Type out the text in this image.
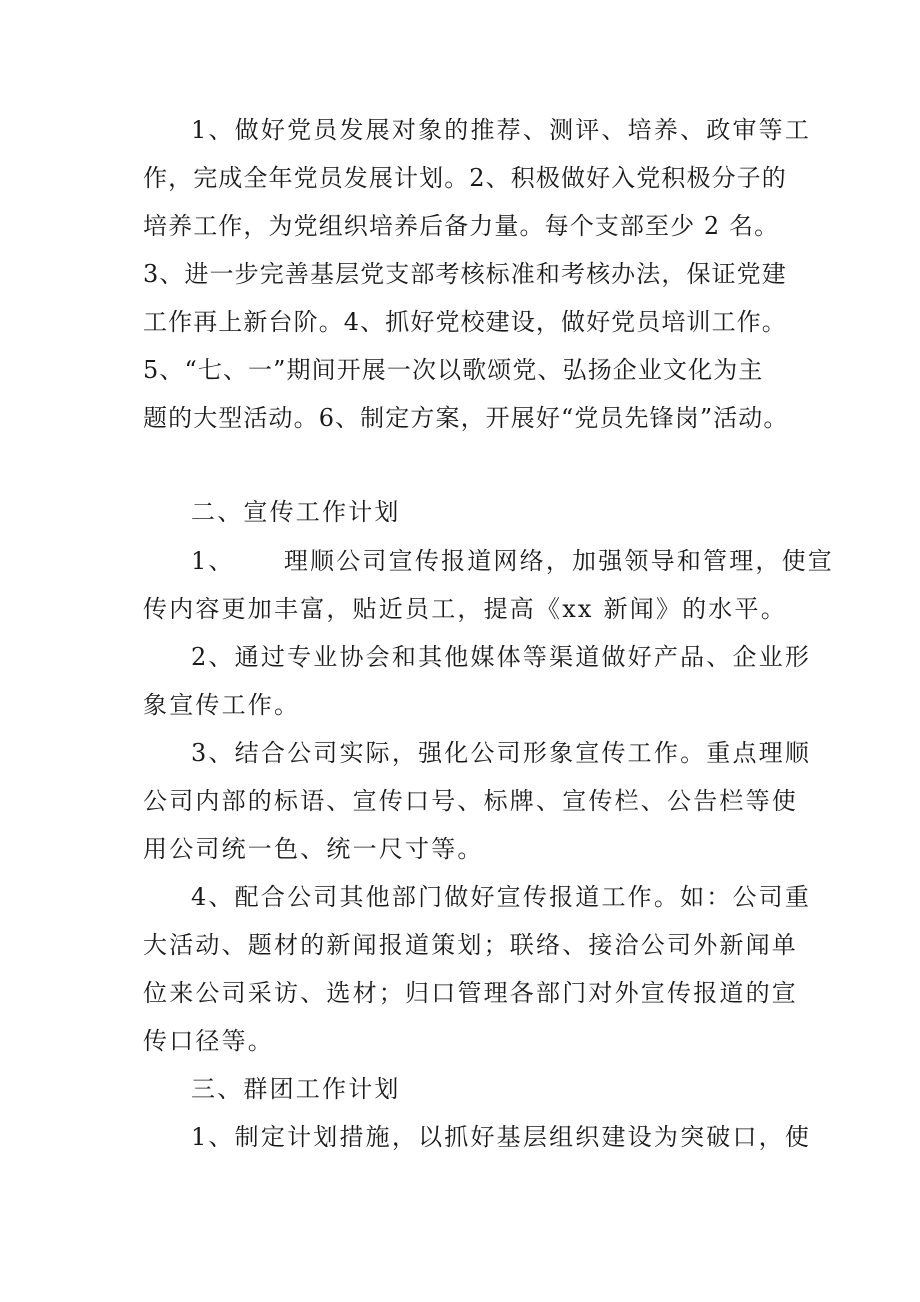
1、做好党员发展对象的推荐、测评、培养、政审等工
作，完成全年党员发展计划。2、积极做好入党积极分子的
培养工作，为党组织培养后备力量。每个支部至少 2 名。
3、进一步完善基层党支部考核标准和考核办法，保证党建
工作再上新台阶。4、抓好党校建设，做好党员培训工作。
5、“七、一”期间开展一次以歌颂党、弘扬企业文化为主
题的大型活动。6、制定方案，开展好“党员先锋岗”活动。
二、宣传工作计划
1、     理顺公司宣传报道网络，加强领导和管理，使宣
传内容更加丰富，贴近员工，提高《xx 新闻》的水平。
2、通过专业协会和其他媒体等渠道做好产品、企业形
象宣传工作。
3、结合公司实际，强化公司形象宣传工作。重点理顺
公司内部的标语、宣传口号、标牌、宣传栏、公告栏等使
用公司统一色、统一尺寸等。
4、配合公司其他部门做好宣传报道工作。如：公司重
大活动、题材的新闻报道策划；联络、接洽公司外新闻单
位来公司采访、选材；归口管理各部门对外宣传报道的宣
传口径等。
三、群团工作计划
1、制定计划措施，以抓好基层组织建设为突破口，使
